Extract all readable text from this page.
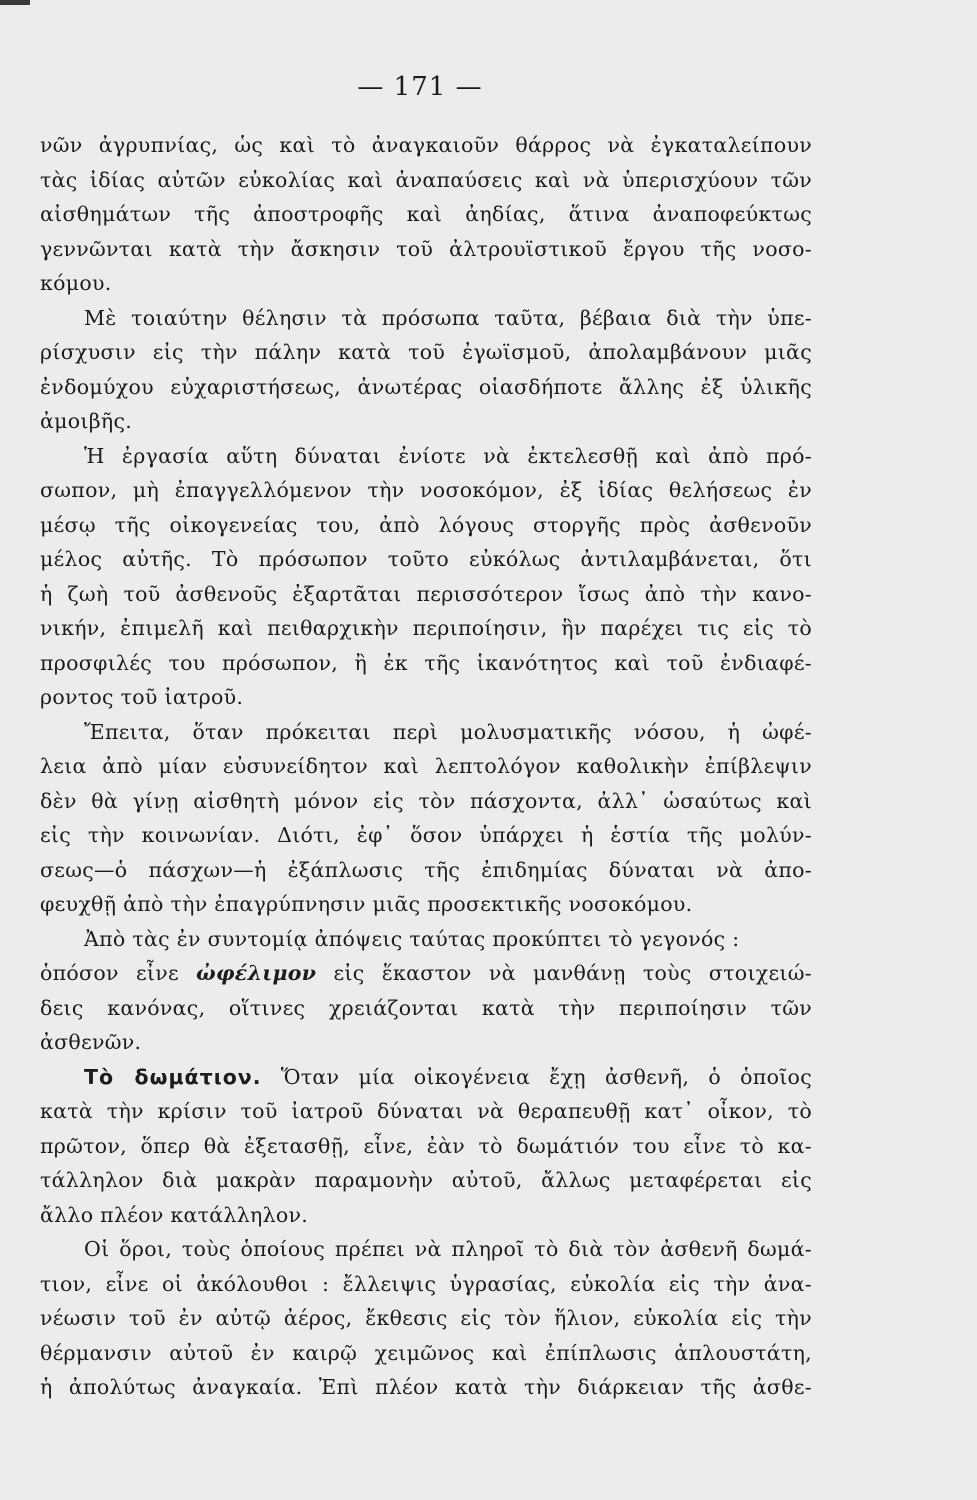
— 171 —
νῶν ἀγρυπνίας, ὡς καὶ τὸ ἀναγκαιοῦν θάρρος νὰ ἐγκαταλείπουν
τὰς ἰδίας αὐτῶν εὐκολίας καὶ ἀναπαύσεις καὶ νὰ ὑπερισχύουν τῶν
αἰσθημάτων τῆς ἀποστροφῆς καὶ ἀηδίας, ἅτινα ἀναποφεύκτως
γεννῶνται κατὰ τὴν ἄσκησιν τοῦ ἀλτρουϊστικοῦ ἔργου τῆς νοσο-
κόμου.
Μὲ τοιαύτην θέλησιν τὰ πρόσωπα ταῦτα, βέβαια διὰ τὴν ὑπε-
ρίσχυσιν εἰς τὴν πάλην κατὰ τοῦ ἐγωϊσμοῦ, ἀπολαμβάνουν μιᾶς
ἐνδομύχου εὐχαριστήσεως, ἀνωτέρας οἱασδήποτε ἄλλης ἐξ ὑλικῆς
ἀμοιβῆς.
Ἡ ἐργασία αὕτη δύναται ἐνίοτε νὰ ἐκτελεσθῇ καὶ ἀπὸ πρό-
σωπον, μὴ ἐπαγγελλόμενον τὴν νοσοκόμον, ἐξ ἰδίας θελήσεως ἐν
μέσῳ τῆς οἰκογενείας του, ἀπὸ λόγους στοργῆς πρὸς ἀσθενοῦν
μέλος αὐτῆς. Τὸ πρόσωπον τοῦτο εὐκόλως ἀντιλαμβάνεται, ὅτι
ἡ ζωὴ τοῦ ἀσθενοῦς ἐξαρτᾶται περισσότερον ἴσως ἀπὸ τὴν κανο-
νικήν, ἐπιμελῆ καὶ πειθαρχικὴν περιποίησιν, ἣν παρέχει τις εἰς τὸ
προσφιλές του πρόσωπον, ἢ ἐκ τῆς ἱκανότητος καὶ τοῦ ἐνδιαφέ-
ροντος τοῦ ἰατροῦ.
Ἔπειτα, ὅταν πρόκειται περὶ μολυσματικῆς νόσου, ἡ ὠφέ-
λεια ἀπὸ μίαν εὐσυνείδητον καὶ λεπτολόγον καθολικὴν ἐπίβλεψιν
δὲν θὰ γίνῃ αἰσθητὴ μόνον εἰς τὸν πάσχοντα, ἀλλ᾽ ὡσαύτως καὶ
εἰς τὴν κοινωνίαν. Διότι, ἐφ᾽ ὅσον ὑπάρχει ἡ ἑστία τῆς μολύν-
σεως—ὁ πάσχων—ἡ ἐξάπλωσις τῆς ἐπιδημίας δύναται νὰ ἀπο-
φευχθῇ ἀπὸ τὴν ἐπαγρύπνησιν μιᾶς προσεκτικῆς νοσοκόμου.
Ἀπὸ τὰς ἐν συντομίᾳ ἀπόψεις ταύτας προκύπτει τὸ γεγονός :
ὁπόσον εἶνε ὠφέλιμον εἰς ἕκαστον νὰ μανθάνῃ τοὺς στοιχειώ-
δεις κανόνας, οἵτινες χρειάζονται κατὰ τὴν περιποίησιν τῶν
ἀσθενῶν.
Τὸ δωμάτιον. Ὅταν μία οἰκογένεια ἔχῃ ἀσθενῆ, ὁ ὁποῖος
κατὰ τὴν κρίσιν τοῦ ἰατροῦ δύναται νὰ θεραπευθῇ κατ᾽ οἶκον, τὸ
πρῶτον, ὅπερ θὰ ἐξετασθῇ, εἶνε, ἐὰν τὸ δωμάτιόν του εἶνε τὸ κα-
τάλληλον διὰ μακρὰν παραμονὴν αὐτοῦ, ἄλλως μεταφέρεται εἰς
ἄλλο πλέον κατάλληλον.
Οἱ ὅροι, τοὺς ὁποίους πρέπει νὰ πληροῖ τὸ διὰ τὸν ἀσθενῆ δωμά-
τιον, εἶνε οἱ ἀκόλουθοι : ἔλλειψις ὑγρασίας, εὐκολία εἰς τὴν ἀνα-
νέωσιν τοῦ ἐν αὐτῷ ἀέρος, ἔκθεσις εἰς τὸν ἥλιον, εὐκολία εἰς τὴν
θέρμανσιν αὐτοῦ ἐν καιρῷ χειμῶνος καὶ ἐπίπλωσις ἁπλουστάτη,
ἡ ἀπολύτως ἀναγκαία. Ἐπὶ πλέον κατὰ τὴν διάρκειαν τῆς ἀσθε-
